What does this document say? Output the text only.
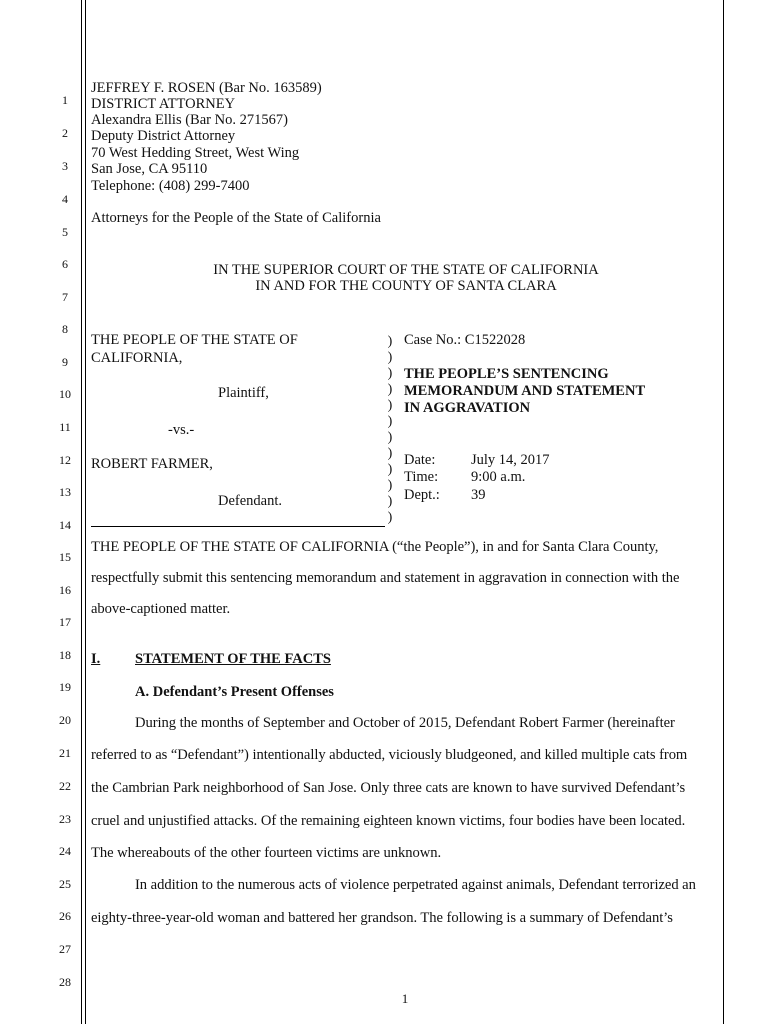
1
2
3
4
5
6
7
8
9
10
11
12
13
14
15
16
17
18
19
20
21
22
23
24
25
26
27
28
JEFFREY F. ROSEN (Bar No. 163589)
DISTRICT ATTORNEY
Alexandra Ellis (Bar No. 271567)
Deputy District Attorney
70 West Hedding Street, West Wing
San Jose, CA 95110
Telephone: (408) 299-7400
Attorneys for the People of the State of California
IN THE SUPERIOR COURT OF THE STATE OF CALIFORNIA
IN AND FOR THE COUNTY OF SANTA CLARA
THE PEOPLE OF THE STATE OF
CALIFORNIA,
Plaintiff,
-vs.-
ROBERT FARMER,
Defendant.
)
)
)
)
)
)
)
)
)
)
)
)
Case No.: C1522028
THE PEOPLE’S SENTENCING
MEMORANDUM AND STATEMENT
IN AGGRAVATION
Date: July 14, 2017
Time: 9:00 a.m.
Dept.: 39
THE PEOPLE OF THE STATE OF CALIFORNIA (“the People”), in and for Santa Clara County,
respectfully submit this sentencing memorandum and statement in aggravation in connection with the
above-captioned matter.
I. STATEMENT OF THE FACTS
A. Defendant’s Present Offenses
During the months of September and October of 2015, Defendant Robert Farmer (hereinafter
referred to as “Defendant”) intentionally abducted, viciously bludgeoned, and killed multiple cats from
the Cambrian Park neighborhood of San Jose. Only three cats are known to have survived Defendant’s
cruel and unjustified attacks. Of the remaining eighteen known victims, four bodies have been located.
The whereabouts of the other fourteen victims are unknown.
In addition to the numerous acts of violence perpetrated against animals, Defendant terrorized an
eighty-three-year-old woman and battered her grandson. The following is a summary of Defendant’s
1
